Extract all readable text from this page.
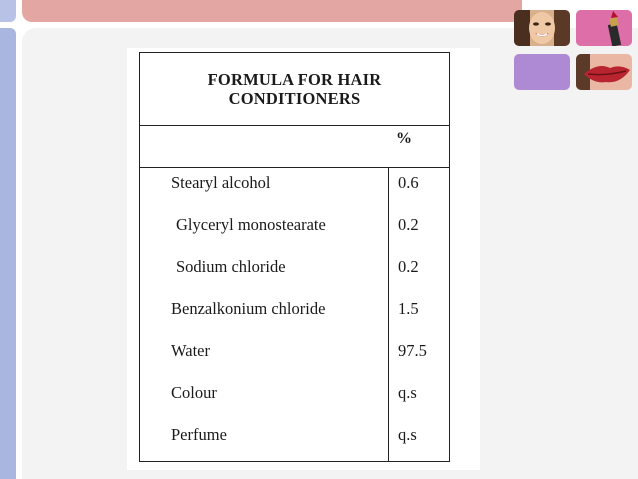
FORMULA FOR HAIR
CONDITIONERS
%
Stearyl alcohol	0.6
Glyceryl monostearate	0.2
Sodium chloride	0.2
Benzalkonium chloride	1.5
Water	97.5
Colour	q.s
Perfume	q.s
